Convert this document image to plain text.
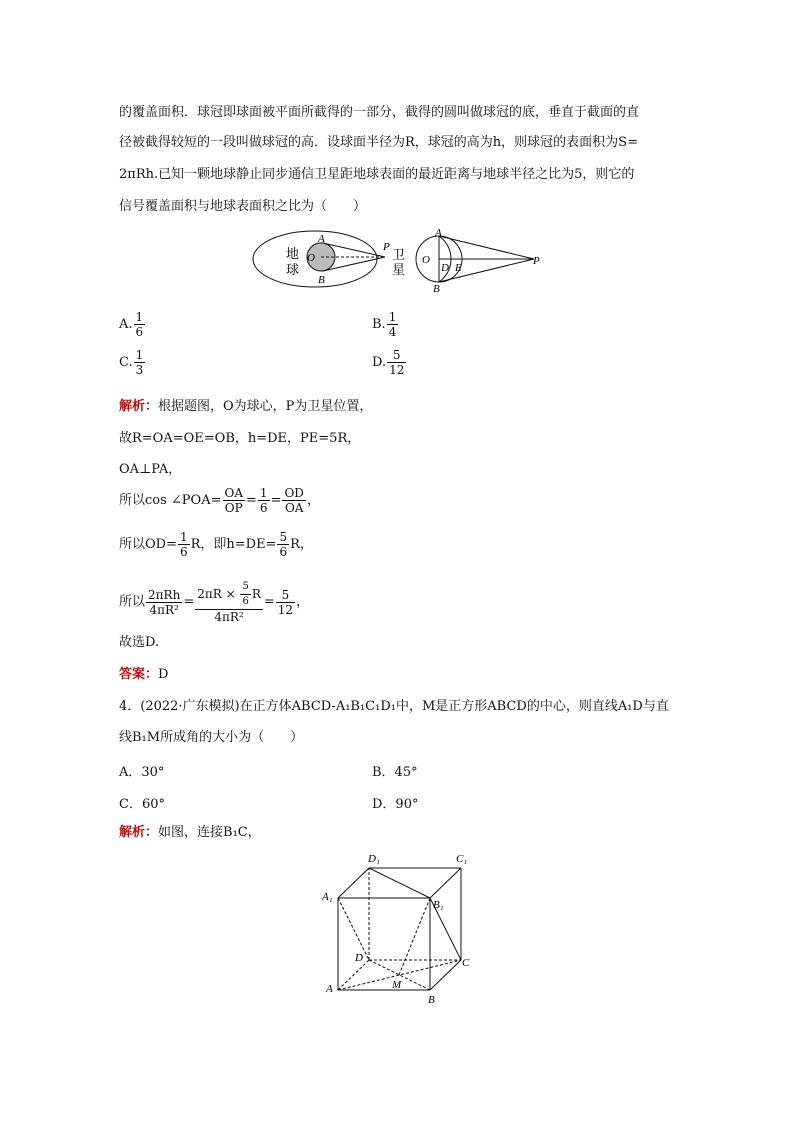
的覆盖面积．球冠即球面被平面所截得的一部分，截得的圆叫做球冠的底，垂直于截面的直
径被截得较短的一段叫做球冠的高．设球面半径为R，球冠的高为h，则球冠的表面积为S=
2πRh.已知一颗地球静止同步通信卫星距地球表面的最近距离与地球半径之比为5，则它的
信号覆盖面积与地球表面积之比为（　　）
地
球
A
O
B
P 卫
星
A
O
D E
B
P
A. $\frac{1}{6}$	B. $\frac{1}{4}$
C. $\frac{1}{3}$	D. $\frac{5}{12}$
解析：根据题图，O为球心，P为卫星位置，
故R=OA=OE=OB，h=DE，PE=5R，
OA⊥PA，
所以cos ∠POA= $\frac{OA}{OP} = \frac{1}{6} = \frac{OD}{OA}$ ，
所以$OD= \frac{1}{6}$ R，即$h=DE= \frac{5}{6}$ R，
所以 $\frac{\text{2πRh}}{\text{4πR²}} = \frac{2\pi R \times \frac{5}{6} R}{\text{4πR²}} = \frac{5}{12}$ ，
故选D.
答案：D
4．(2022·广东模拟)在正方体ABCD-A₁B₁C₁D₁中，M是正方形ABCD的中心，则直线A₁D与直
线B₁M所成角的大小为（　　）
A．30°	B．45°
C．60°	D．90°
解析：如图，连接B₁C，
D₁	C₁
A₁
B₁
D	C
A	M
B
